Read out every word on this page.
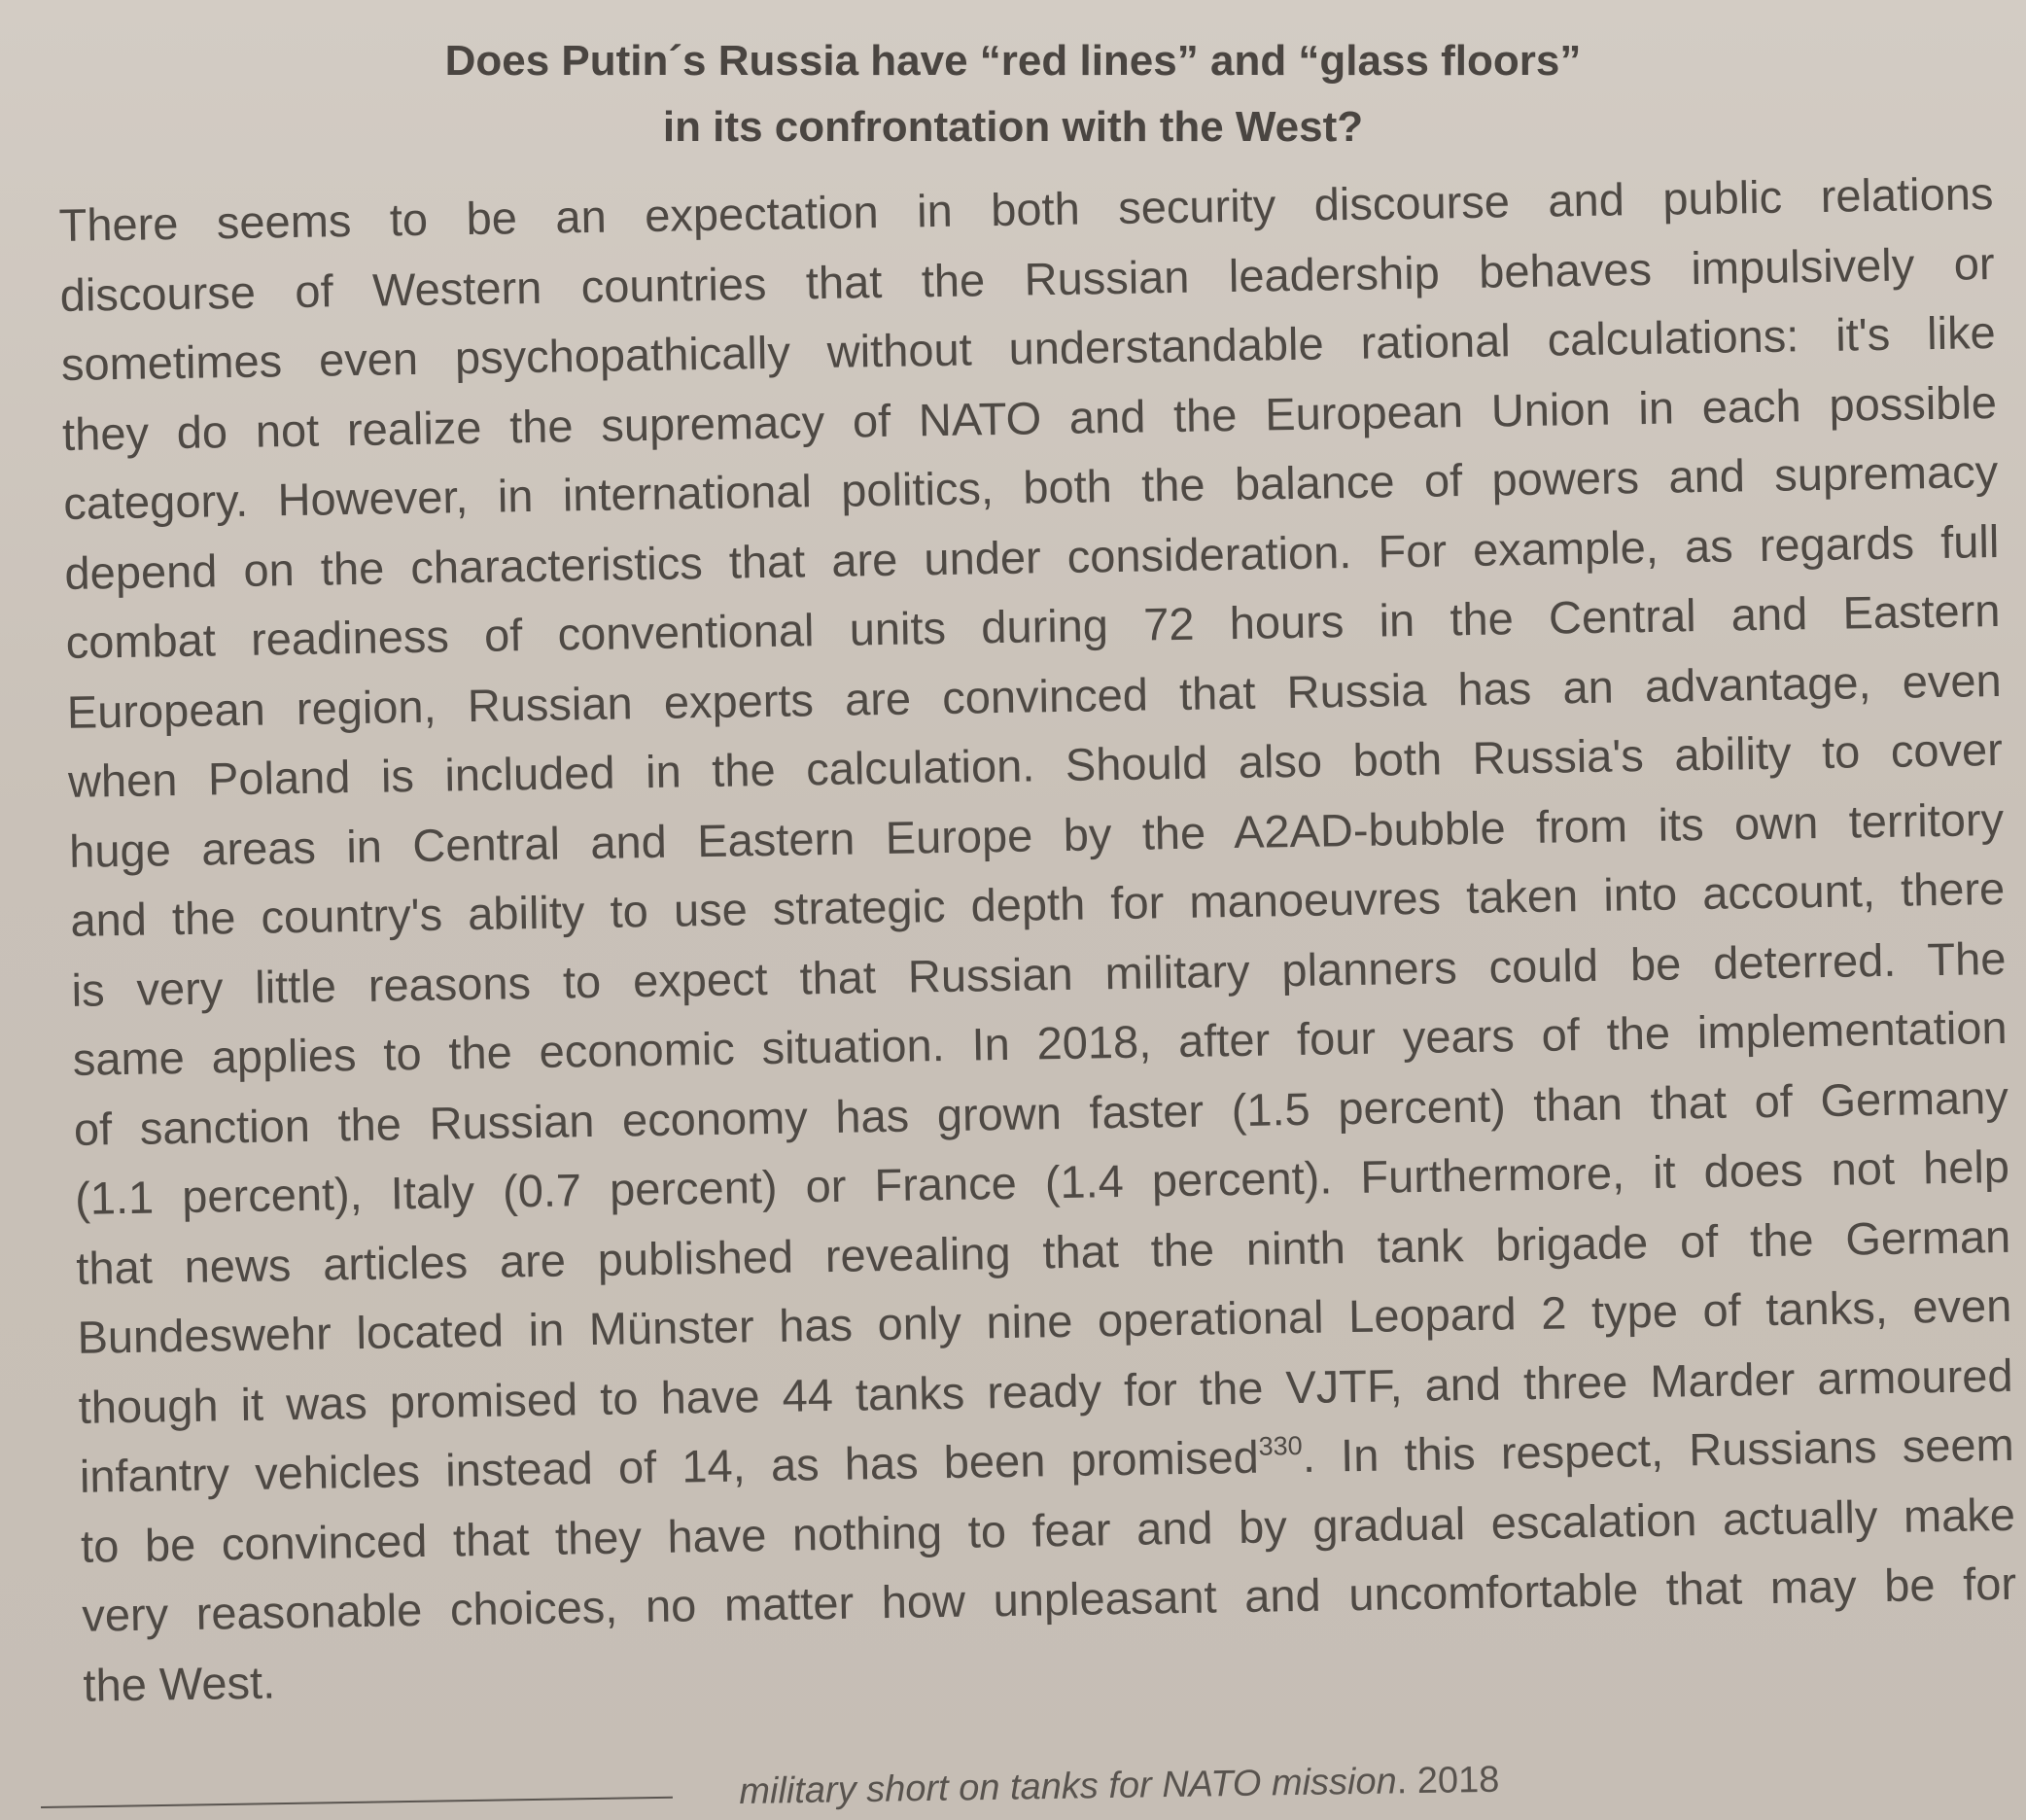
Does Putin´s Russia have “red lines” and “glass floors”
in its confrontation with the West?
There seems to be an expectation in both security discourse and public relations
discourse of Western countries that the Russian leadership behaves impulsively or
sometimes even psychopathically without understandable rational calculations: it's like
they do not realize the supremacy of NATO and the European Union in each possible
category. However, in international politics, both the balance of powers and supremacy
depend on the characteristics that are under consideration. For example, as regards full
combat readiness of conventional units during 72 hours in the Central and Eastern
European region, Russian experts are convinced that Russia has an advantage, even
when Poland is included in the calculation. Should also both Russia's ability to cover
huge areas in Central and Eastern Europe by the A2AD-bubble from its own territory
and the country's ability to use strategic depth for manoeuvres taken into account, there
is very little reasons to expect that Russian military planners could be deterred. The
same applies to the economic situation. In 2018, after four years of the implementation
of sanction the Russian economy has grown faster (1.5 percent) than that of Germany
(1.1 percent), Italy (0.7 percent) or France (1.4 percent). Furthermore, it does not help
that news articles are published revealing that the ninth tank brigade of the German
Bundeswehr located in Münster has only nine operational Leopard 2 type of tanks, even
though it was promised to have 44 tanks ready for the VJTF, and three Marder armoured
infantry vehicles instead of 14, as has been promised$^{330}$. In this respect, Russians seem
to be convinced that they have nothing to fear and by gradual escalation actually make
very reasonable choices, no matter how unpleasant and uncomfortable that may be for
the West.
military short on tanks for NATO mission. 2018
